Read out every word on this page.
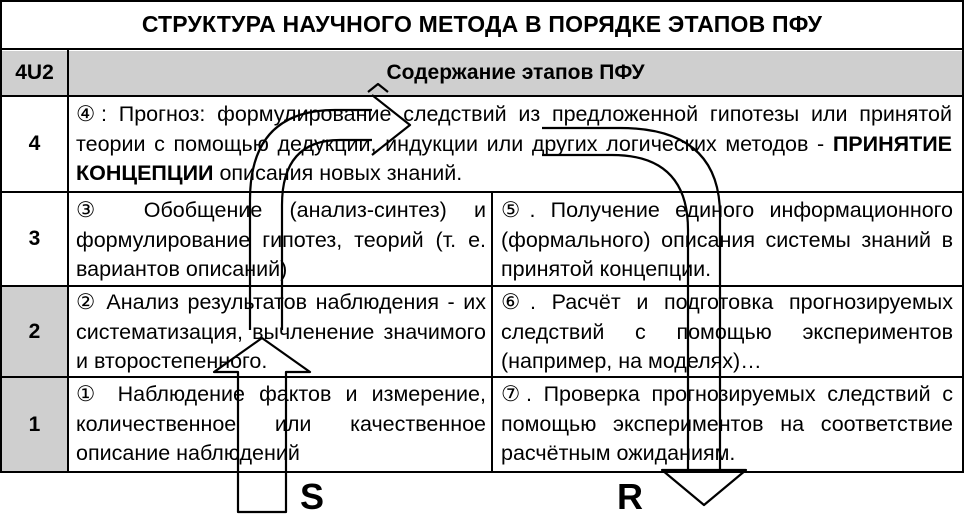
СТРУКТУРА НАУЧНОГО МЕТОДА В ПОРЯДКЕ ЭТАПОВ ПФУ
4U2	Содержание этапов ПФУ
4
3
2
1
④: Прогноз: формулирование следствий из предложенной гипотезы или принятой теории с помощью дедукции, индукции или других логических методов - ПРИНЯТИЕ КОНЦЕПЦИИ описания новых знаний.
③ Обобщение (анализ-синтез) и формулирование гипотез, теорий (т. е. вариантов описаний)
⑤. Получение единого информационного (формального) описания системы знаний в принятой концепции.
② Анализ результатов наблюдения - их систематизация, вычленение значимого и второстепенного.
⑥. Расчёт и подготовка прогнозируемых следствий с помощью экспериментов (например, на моделях)…
① Наблюдение фактов и измерение, количественное или качественное описание наблюдений
⑦. Проверка прогнозируемых следствий с помощью экспериментов на соответствие расчётным ожиданиям.
S	R
